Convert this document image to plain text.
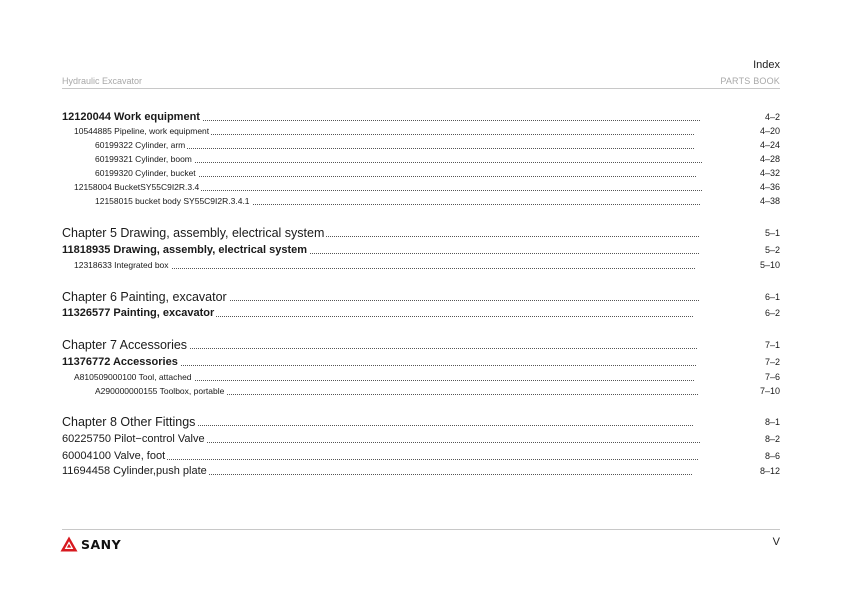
Index
Hydraulic Excavator	PARTS BOOK
12120044 Work equipment	4–2
10544885 Pipeline, work equipment	4–20
60199322 Cylinder, arm	4–24
60199321 Cylinder, boom	4–28
60199320 Cylinder, bucket	4–32
12158004 BucketSY55C9I2R.3.4	4–36
12158015 bucket body SY55C9I2R.3.4.1	4–38
Chapter 5 Drawing, assembly, electrical system	5–1
11818935 Drawing, assembly, electrical system	5–2
12318633 Integrated box	5–10
Chapter 6 Painting, excavator	6–1
11326577 Painting, excavator	6–2
Chapter 7 Accessories	7–1
11376772 Accessories	7–2
A810509000100 Tool, attached	7–6
A290000000155 Toolbox, portable	7–10
Chapter 8 Other Fittings	8–1
60225750 Pilot−control Valve	8–2
60004100 Valve, foot	8–6
11694458 Cylinder,push plate	8–12
SANY	V
